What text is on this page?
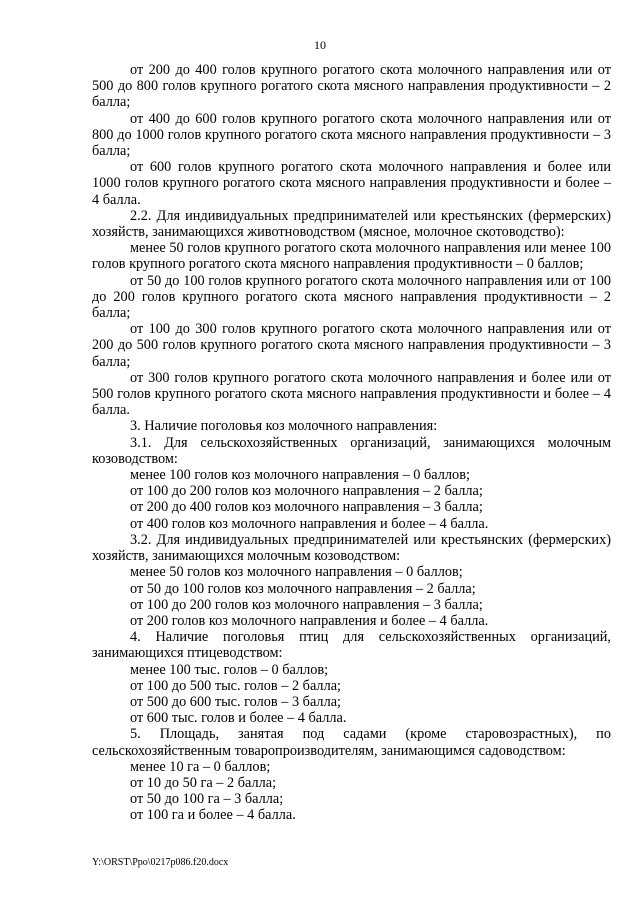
10

от 200 до 400 голов крупного рогатого скота молочного направления или от 500 до 800 голов крупного рогатого скота мясного направления продуктивности – 2 балла;

от 400 до 600 голов крупного рогатого скота молочного направления или от 800 до 1000 голов крупного рогатого скота мясного направления продуктивности – 3 балла;

от 600 голов крупного рогатого скота молочного направления и более или 1000 голов крупного рогатого скота мясного направления продуктивности и более – 4 балла.

2.2. Для индивидуальных предпринимателей или крестьянских (фермерских) хозяйств, занимающихся животноводством (мясное, молочное скотоводство):

менее 50 голов крупного рогатого скота молочного направления или менее 100 голов крупного рогатого скота мясного направления продуктивности – 0 баллов;

от 50 до 100 голов крупного рогатого скота молочного направления или от 100 до 200 голов крупного рогатого скота мясного направления продуктивности – 2 балла;

от 100 до 300 голов крупного рогатого скота молочного направления или от 200 до 500 голов крупного рогатого скота мясного направления продуктивности – 3 балла;

от 300 голов крупного рогатого скота молочного направления и более или от 500 голов крупного рогатого скота мясного направления продуктивности и более – 4 балла.

3. Наличие поголовья коз молочного направления:

3.1. Для сельскохозяйственных организаций, занимающихся молочным козоводством:

менее 100 голов коз молочного направления – 0 баллов;

от 100 до 200 голов коз молочного направления – 2 балла;

от 200 до 400 голов коз молочного направления – 3 балла;

от 400 голов коз молочного направления и более – 4 балла.

3.2. Для индивидуальных предпринимателей или крестьянских (фермерских) хозяйств, занимающихся молочным козоводством:

менее 50 голов коз молочного направления – 0 баллов;

от 50 до 100 голов коз молочного направления – 2 балла;

от 100 до 200 голов коз молочного направления – 3 балла;

от 200 голов коз молочного направления и более – 4 балла.

4. Наличие поголовья птиц для сельскохозяйственных организаций, занимающихся птицеводством:

менее 100 тыс. голов – 0 баллов;

от 100 до 500 тыс. голов – 2 балла;

от 500 до 600 тыс. голов – 3 балла;

от 600 тыс. голов и более – 4 балла.

5. Площадь, занятая под садами (кроме старовозрастных), по сельскохозяйственным товаропроизводителям, занимающимся садоводством:

менее 10 га – 0 баллов;

от 10 до 50 га – 2 балла;

от 50 до 100 га – 3 балла;

от 100 га и более – 4 балла.

Y:\ORST\Ppo\0217p086.f20.docx
